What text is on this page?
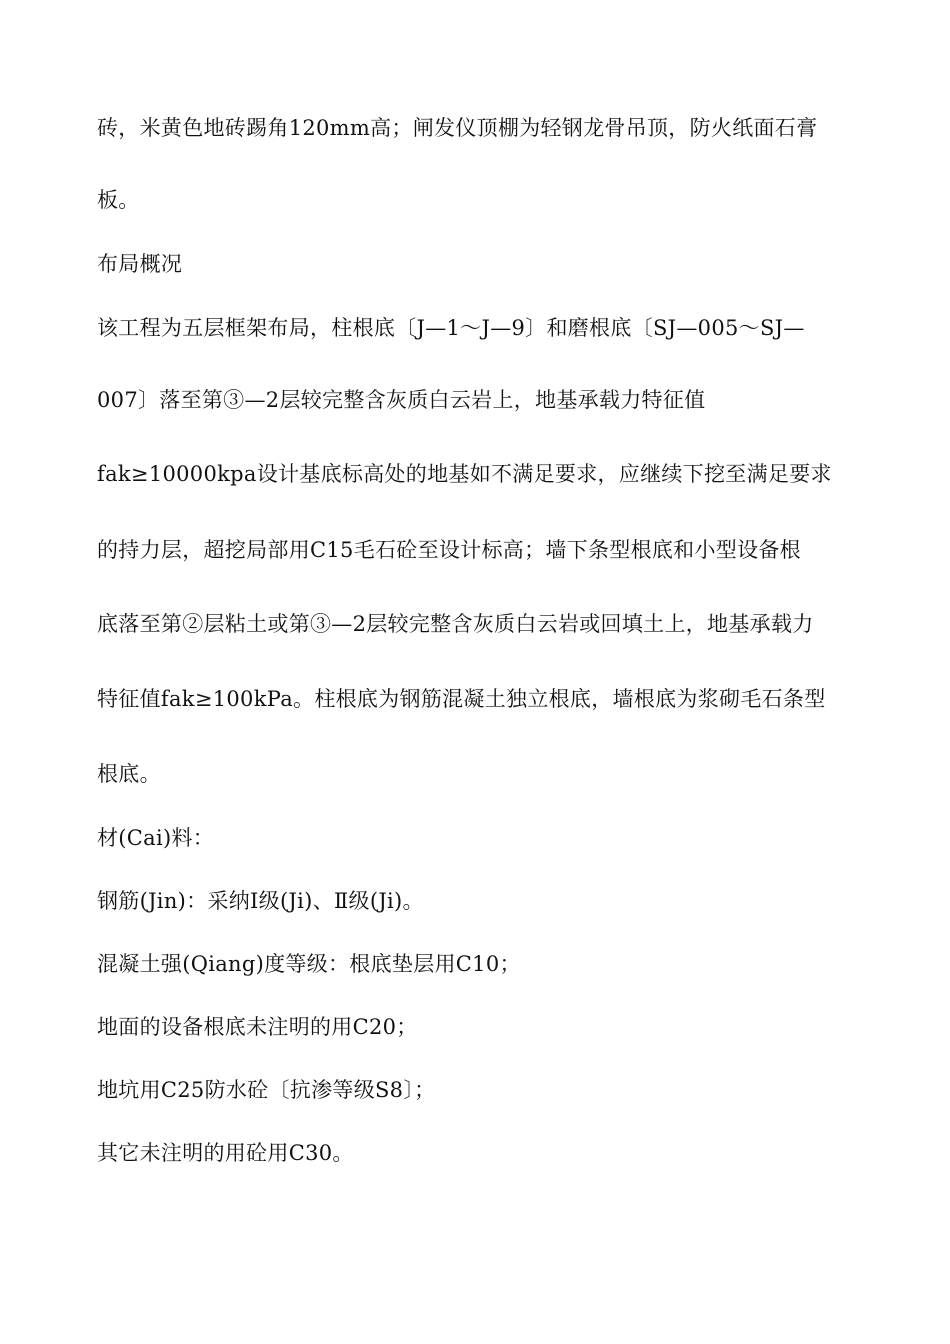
砖，米黄色地砖踢角120mm高；闸发仪顶棚为轻钢龙骨吊顶，防火纸面石膏
板。
布局概况
该工程为五层框架布局，柱根底〔J—1～J—9〕和磨根底〔SJ—005～SJ—
007〕落至第③—2层较完整含灰质白云岩上，地基承载力特征值
fak≥10000kpa设计基底标高处的地基如不满足要求，应继续下挖至满足要求
的持力层，超挖局部用C15毛石砼至设计标高；墙下条型根底和小型设备根
底落至第②层粘土或第③—2层较完整含灰质白云岩或回填土上，地基承载力
特征值fak≥100kPa。柱根底为钢筋混凝土独立根底，墙根底为浆砌毛石条型
根底。
材(Cai)料：
钢筋(Jin)：采纳Ⅰ级(Ji)、Ⅱ级(Ji)。
混凝土强(Qiang)度等级：根底垫层用C10；
地面的设备根底未注明的用C20；
地坑用C25防水砼〔抗渗等级S8〕；
其它未注明的用砼用C30。
